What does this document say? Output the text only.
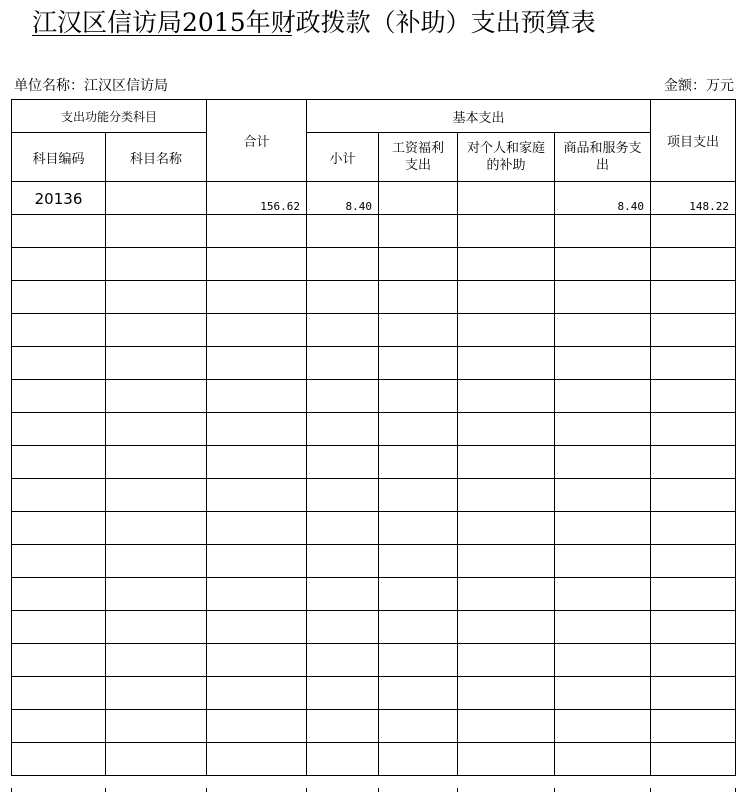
江汉区信访局2015年财政拨款（补助）支出预算表
单位名称：江汉区信访局	金额：万元
支出功能分类科目		合计	基本支出				项目支出
科目编码	科目名称		小计	工资福利支出	对个人和家庭的补助	商品和服务支出	

20136		156.62	8.40			8.40	148.22
